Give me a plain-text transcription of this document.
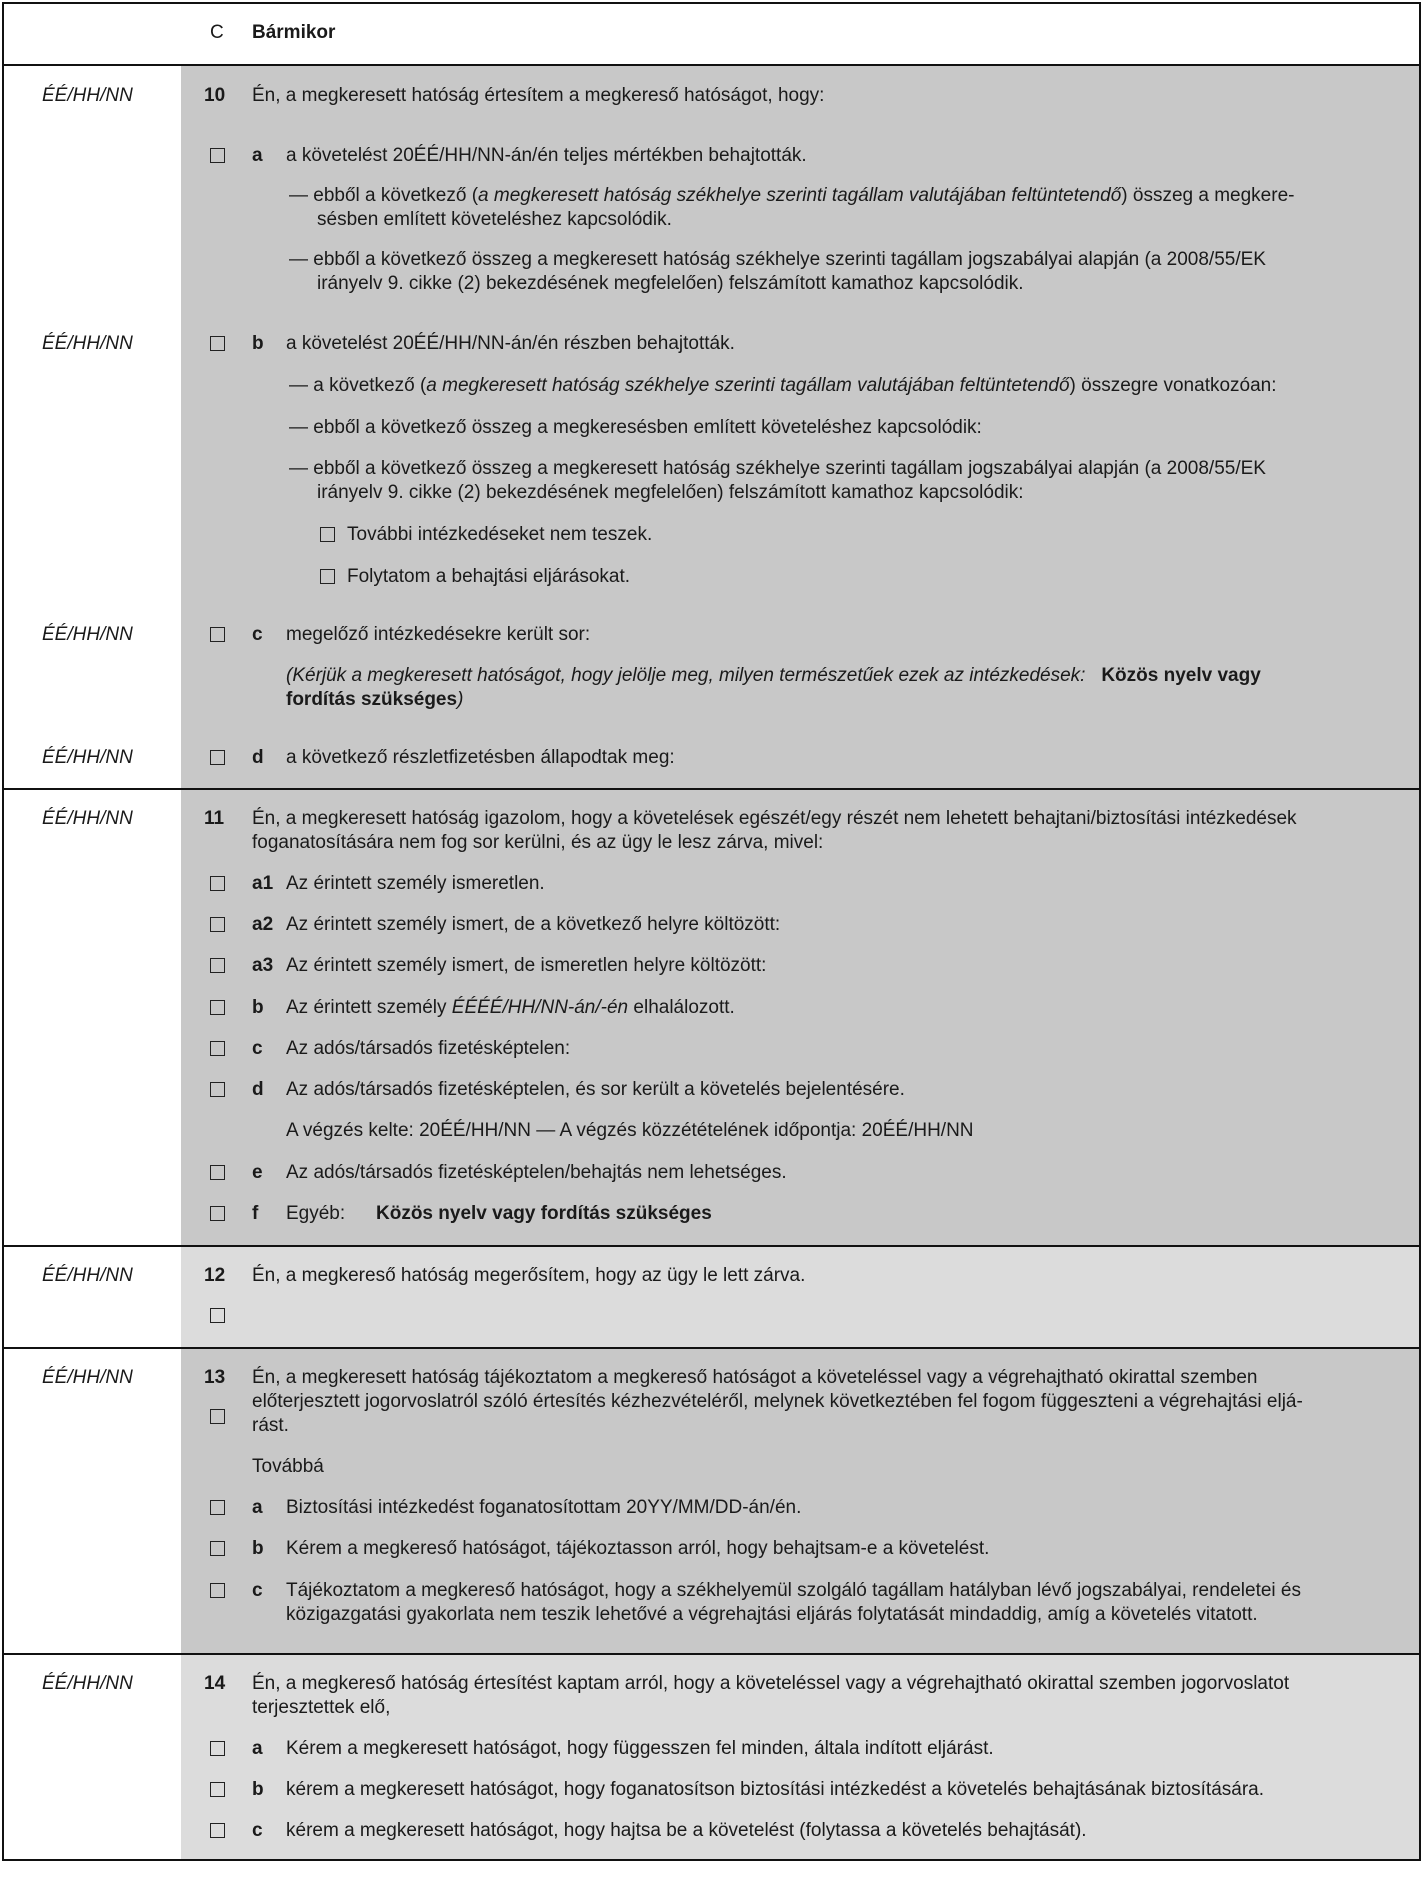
C Bármikor
ÉÉ/HH/NN	10 Én, a megkeresett hatóság értesítem a megkereső hatóságot, hogy:
a a követelést 20ÉÉ/HH/NN-án/én teljes mértékben behajtották.
— ebből a következő (a megkeresett hatóság székhelye szerinti tagállam valutájában feltüntetendő) összeg a megkere-
sésben említett követeléshez kapcsolódik.
— ebből a következő összeg a megkeresett hatóság székhelye szerinti tagállam jogszabályai alapján (a 2008/55/EK
irányelv 9. cikke (2) bekezdésének megfelelően) felszámított kamathoz kapcsolódik.
ÉÉ/HH/NN	b a követelést 20ÉÉ/HH/NN-án/én részben behajtották.
— a következő (a megkeresett hatóság székhelye szerinti tagállam valutájában feltüntetendő) összegre vonatkozóan:
— ebből a következő összeg a megkeresésben említett követeléshez kapcsolódik:
— ebből a következő összeg a megkeresett hatóság székhelye szerinti tagállam jogszabályai alapján (a 2008/55/EK
irányelv 9. cikke (2) bekezdésének megfelelően) felszámított kamathoz kapcsolódik:
További intézkedéseket nem teszek.
Folytatom a behajtási eljárásokat.
ÉÉ/HH/NN	c megelőző intézkedésekre került sor:
(Kérjük a megkeresett hatóságot, hogy jelölje meg, milyen természetűek ezek az intézkedések: Közös nyelv vagy
fordítás szükséges)
ÉÉ/HH/NN	d a következő részletfizetésben állapodtak meg:
ÉÉ/HH/NN	11 Én, a megkeresett hatóság igazolom, hogy a követelések egészét/egy részét nem lehetett behajtani/biztosítási intézkedések
foganatosítására nem fog sor kerülni, és az ügy le lesz zárva, mivel:
a1 Az érintett személy ismeretlen.
a2 Az érintett személy ismert, de a következő helyre költözött:
a3 Az érintett személy ismert, de ismeretlen helyre költözött:
b Az érintett személy ÉÉÉÉ/HH/NN-án/-én elhalálozott.
c Az adós/társadós fizetésképtelen:
d Az adós/társadós fizetésképtelen, és sor került a követelés bejelentésére.
A végzés kelte: 20ÉÉ/HH/NN — A végzés közzétételének időpontja: 20ÉÉ/HH/NN
e Az adós/társadós fizetésképtelen/behajtás nem lehetséges.
f Egyéb: Közös nyelv vagy fordítás szükséges
ÉÉ/HH/NN	12 Én, a megkereső hatóság megerősítem, hogy az ügy le lett zárva.
ÉÉ/HH/NN	13 Én, a megkeresett hatóság tájékoztatom a megkereső hatóságot a követeléssel vagy a végrehajtható okirattal szemben
előterjesztett jogorvoslatról szóló értesítés kézhezvételéről, melynek következtében fel fogom függeszteni a végrehajtási eljá-
rást.
Továbbá
a Biztosítási intézkedést foganatosítottam 20YY/MM/DD-án/én.
b Kérem a megkereső hatóságot, tájékoztasson arról, hogy behajtsam-e a követelést.
c Tájékoztatom a megkereső hatóságot, hogy a székhelyemül szolgáló tagállam hatályban lévő jogszabályai, rendeletei és
közigazgatási gyakorlata nem teszik lehetővé a végrehajtási eljárás folytatását mindaddig, amíg a követelés vitatott.
ÉÉ/HH/NN	14 Én, a megkereső hatóság értesítést kaptam arról, hogy a követeléssel vagy a végrehajtható okirattal szemben jogorvoslatot
terjesztettek elő,
a Kérem a megkeresett hatóságot, hogy függesszen fel minden, általa indított eljárást.
b kérem a megkeresett hatóságot, hogy foganatosítson biztosítási intézkedést a követelés behajtásának biztosítására.
c kérem a megkeresett hatóságot, hogy hajtsa be a követelést (folytassa a követelés behajtását).
